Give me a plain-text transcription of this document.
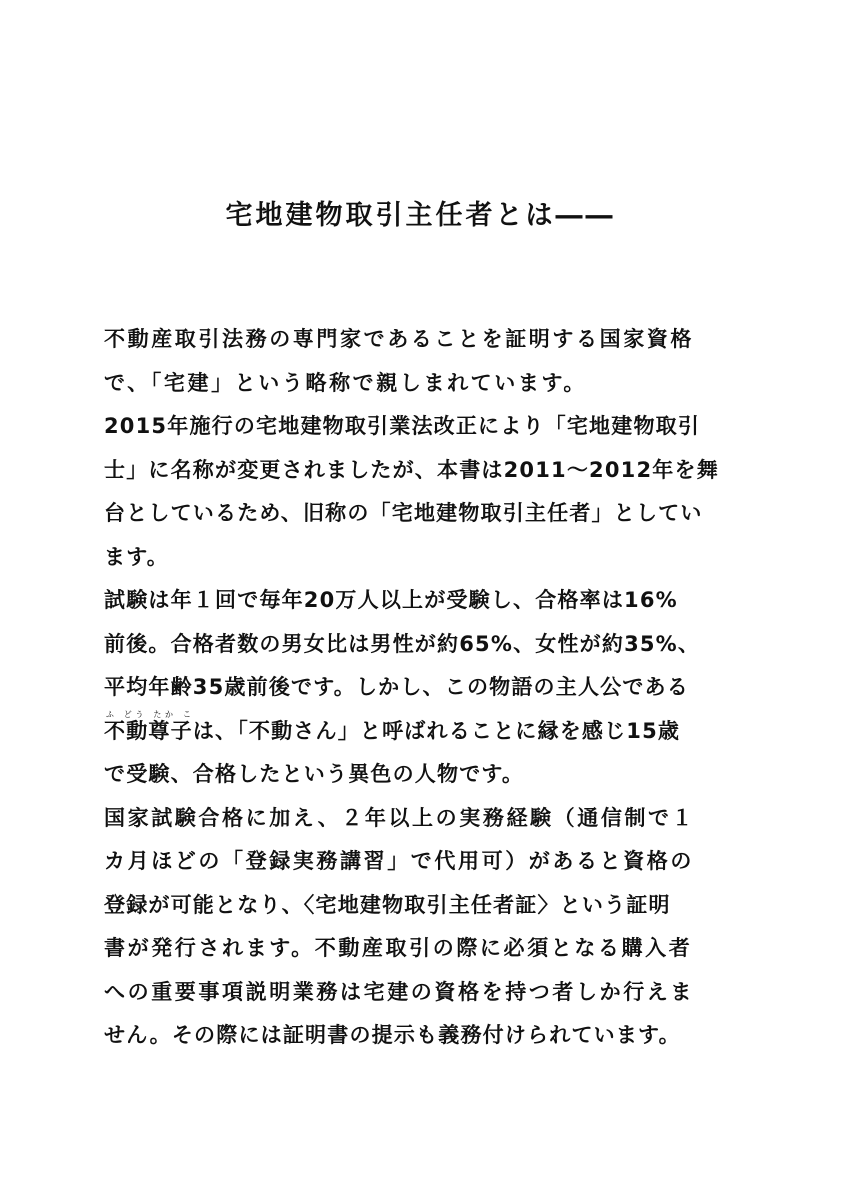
宅地建物取引主任者とは――

不動産取引法務の専門家であることを証明する国家資格

で、「宅建」という略称で親しまれています。

2015年施行の宅地建物取引業法改正により「宅地建物取引

士」に名称が変更されましたが、本書は2011～2012年を舞

台としているため、旧称の「宅地建物取引主任者」としてい

ます。

試験は年１回で毎年20万人以上が受験し、合格率は16%

前後。合格者数の男女比は男性が約65%、女性が約35%、

平均年齢35歳前後です。しかし、この物語の主人公である

不動尊子ふ どう たか こは、「不動さん」と呼ばれることに縁を感じ15歳

で受験、合格したという異色の人物です。

国家試験合格に加え、２年以上の実務経験（通信制で１

カ月ほどの「登録実務講習」で代用可）があると資格の

登録が可能となり、〈宅地建物取引主任者証〉という証明

書が発行されます。不動産取引の際に必須となる購入者

への重要事項説明業務は宅建の資格を持つ者しか行えま

せん。その際には証明書の提示も義務付けられています。
